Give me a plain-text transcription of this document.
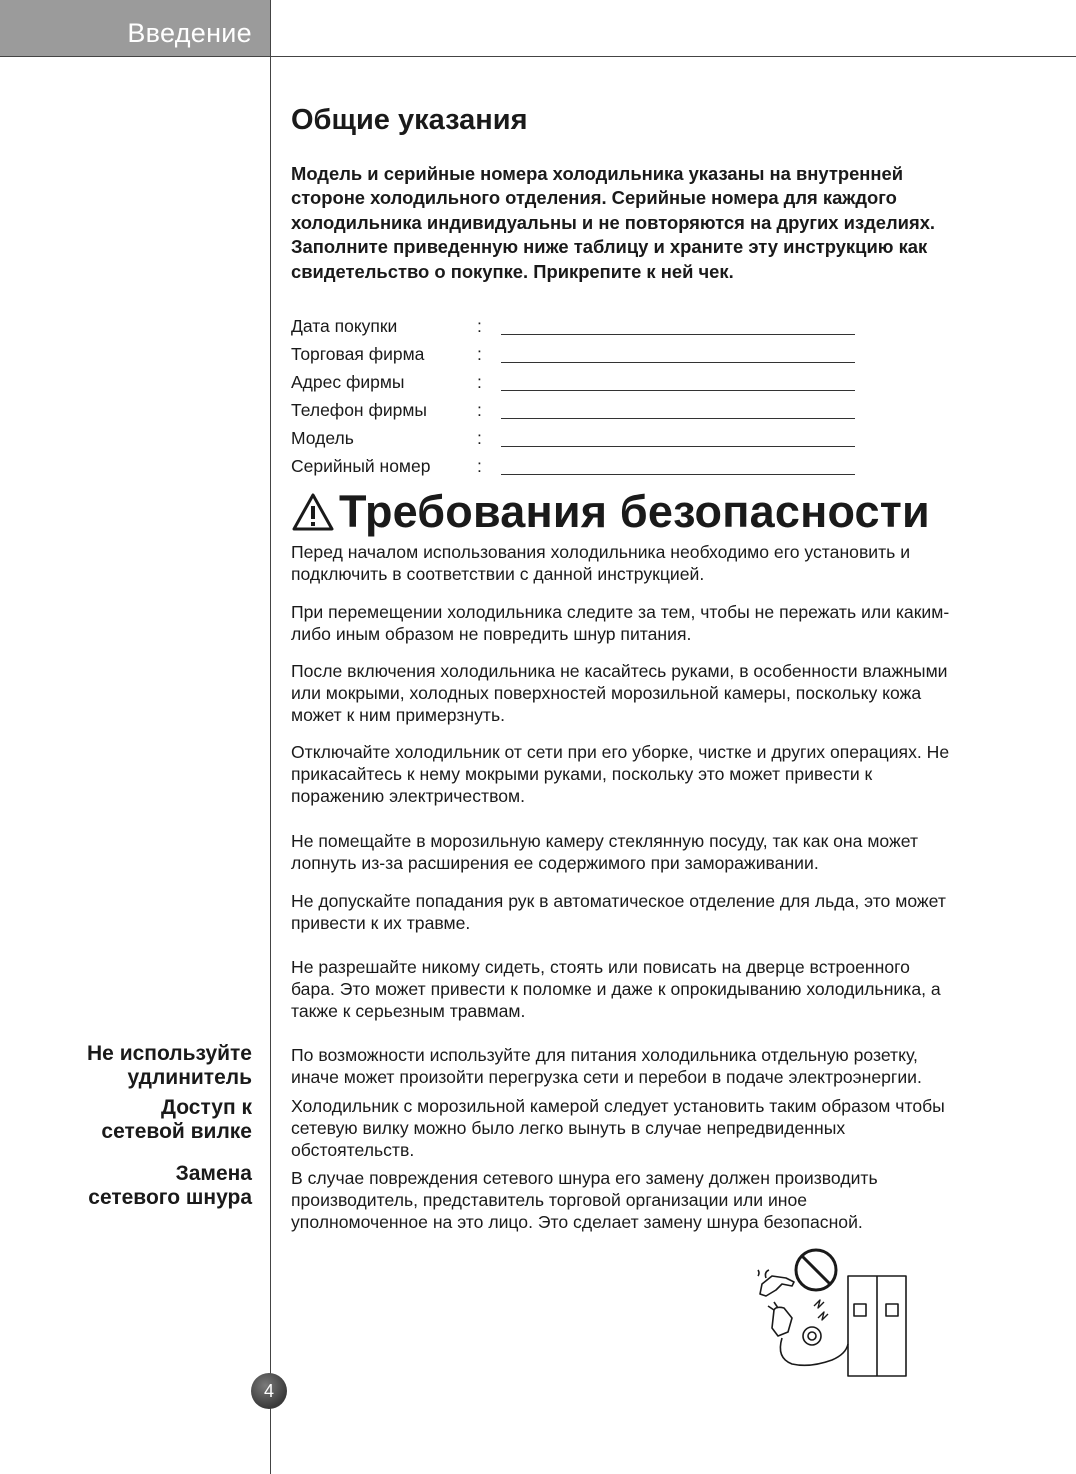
Введение
Общие указания

Модель и серийные номера холодильника указаны на внутренней
стороне холодильного отделения. Серийные номера для каждого
холодильника индивидуальны и не повторяются на других изделиях.
Заполните приведенную ниже таблицу и храните эту инструкцию как
свидетельство о покупке. Прикрепите к ней чек.

Дата покупки	:
Торговая фирма	:
Адрес фирмы	:
Телефон фирмы	:
Модель	:
Серийный номер	:
Требования безопасности

Перед началом использования холодильника необходимо его установить и
подключить в соответствии с данной инструкцией.

При перемещении холодильника следите за тем, чтобы не пережать или каким-
либо иным образом не повредить шнур питания.

После включения холодильника не касайтесь руками, в особенности влажными
или мокрыми, холодных поверхностей морозильной камеры, поскольку кожа
может к ним примерзнуть.

Отключайте холодильник от сети при его уборке, чистке и других операциях. Не
прикасайтесь к нему мокрыми руками, поскольку это может привести к
поражению электричеством.

Не помещайте в морозильную камеру стеклянную посуду, так как она может
лопнуть из-за расширения ее содержимого при замораживании.

Не допускайте попадания рук в автоматическое отделение для льда, это может
привести к их травме.

Не разрешайте никому сидеть, стоять или повисать на дверце встроенного
бара. Это может привести к поломке и даже к опрокидыванию холодильника, а
также к серьезным травмам.

Не используйте
удлинитель

По возможности используйте для питания холодильника отдельную розетку,
иначе может произойти перегрузка сети и перебои в подаче электроэнергии.

Доступ к
сетевой вилке

Холодильник с морозильной камерой следует установить таким образом чтобы
сетевую вилку можно было легко вынуть в случае непредвиденных
обстоятельств.

Замена
сетевого шнура

В случае повреждения сетевого шнура его замену должен производить
производитель, представитель торговой организации или иное
уполномоченное на это лицо. Это сделает замену шнура безопасной.

4
